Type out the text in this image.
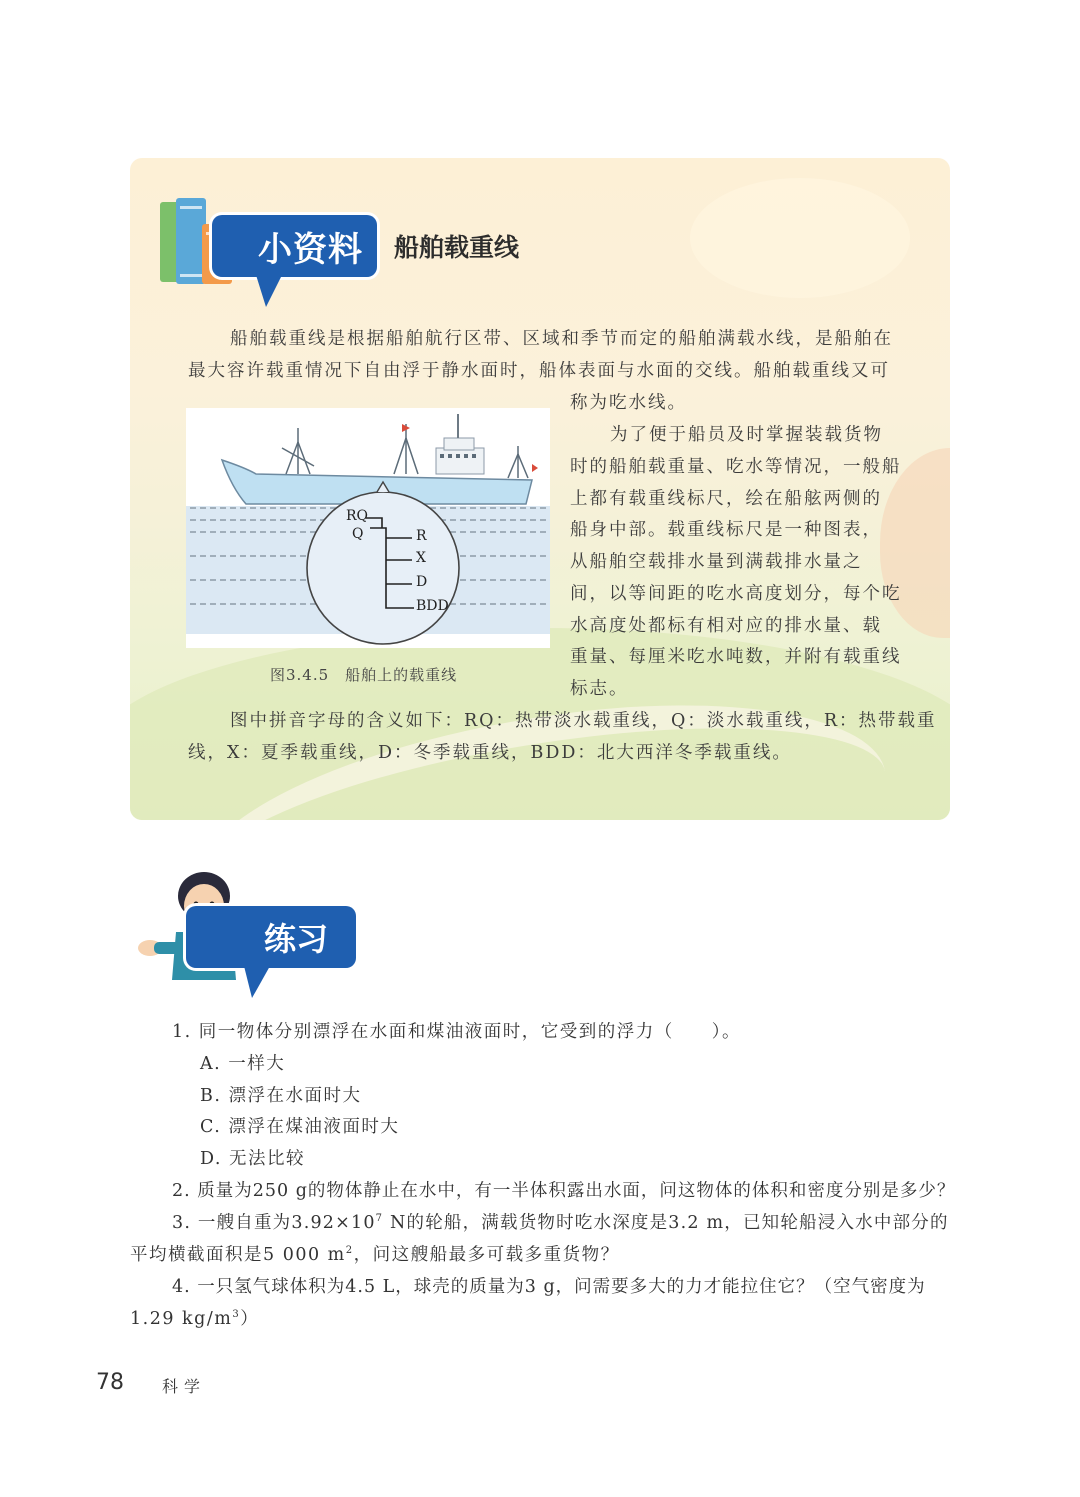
小资料 船舶载重线
船舶载重线是根据船舶航行区带、区域和季节而定的船舶满载水线，是船舶在
最大容许载重情况下自由浮于静水面时，船体表面与水面的交线。船舶载重线又可
称为吃水线。
为了便于船员及时掌握装载货物
时的船舶载重量、吃水等情况，一般船
上都有载重线标尺，绘在船舷两侧的
船身中部。载重线标尺是一种图表，
从船舶空载排水量到满载排水量之
间，以等间距的吃水高度划分，每个吃
水高度处都标有相对应的排水量、载
重量、每厘米吃水吨数，并附有载重线
标志。
RQ
Q	R
X
D
BDD
图3.4.5　船舶上的载重线
图中拼音字母的含义如下：RQ：热带淡水载重线，Q：淡水载重线，R：热带载重
线，X：夏季载重线，D：冬季载重线，BDD：北大西洋冬季载重线。
练习
1. 同一物体分别漂浮在水面和煤油液面时，它受到的浮力（　　）。
A. 一样大
B. 漂浮在水面时大
C. 漂浮在煤油液面时大
D. 无法比较
2. 质量为250 g的物体静止在水中，有一半体积露出水面，问这物体的体积和密度分别是多少？
3. 一艘自重为$3.92\times 10^7$ N的轮船，满载货物时吃水深度是3.2 m，已知轮船浸入水中部分的
平均横截面积是5 000 $m^2$，问这艘船最多可载多重货物？
4. 一只氢气球体积为4.5 L，球壳的质量为3 g，问需要多大的力才能拉住它？（空气密度为
1.29 $kg/m^3$）
78 科学
